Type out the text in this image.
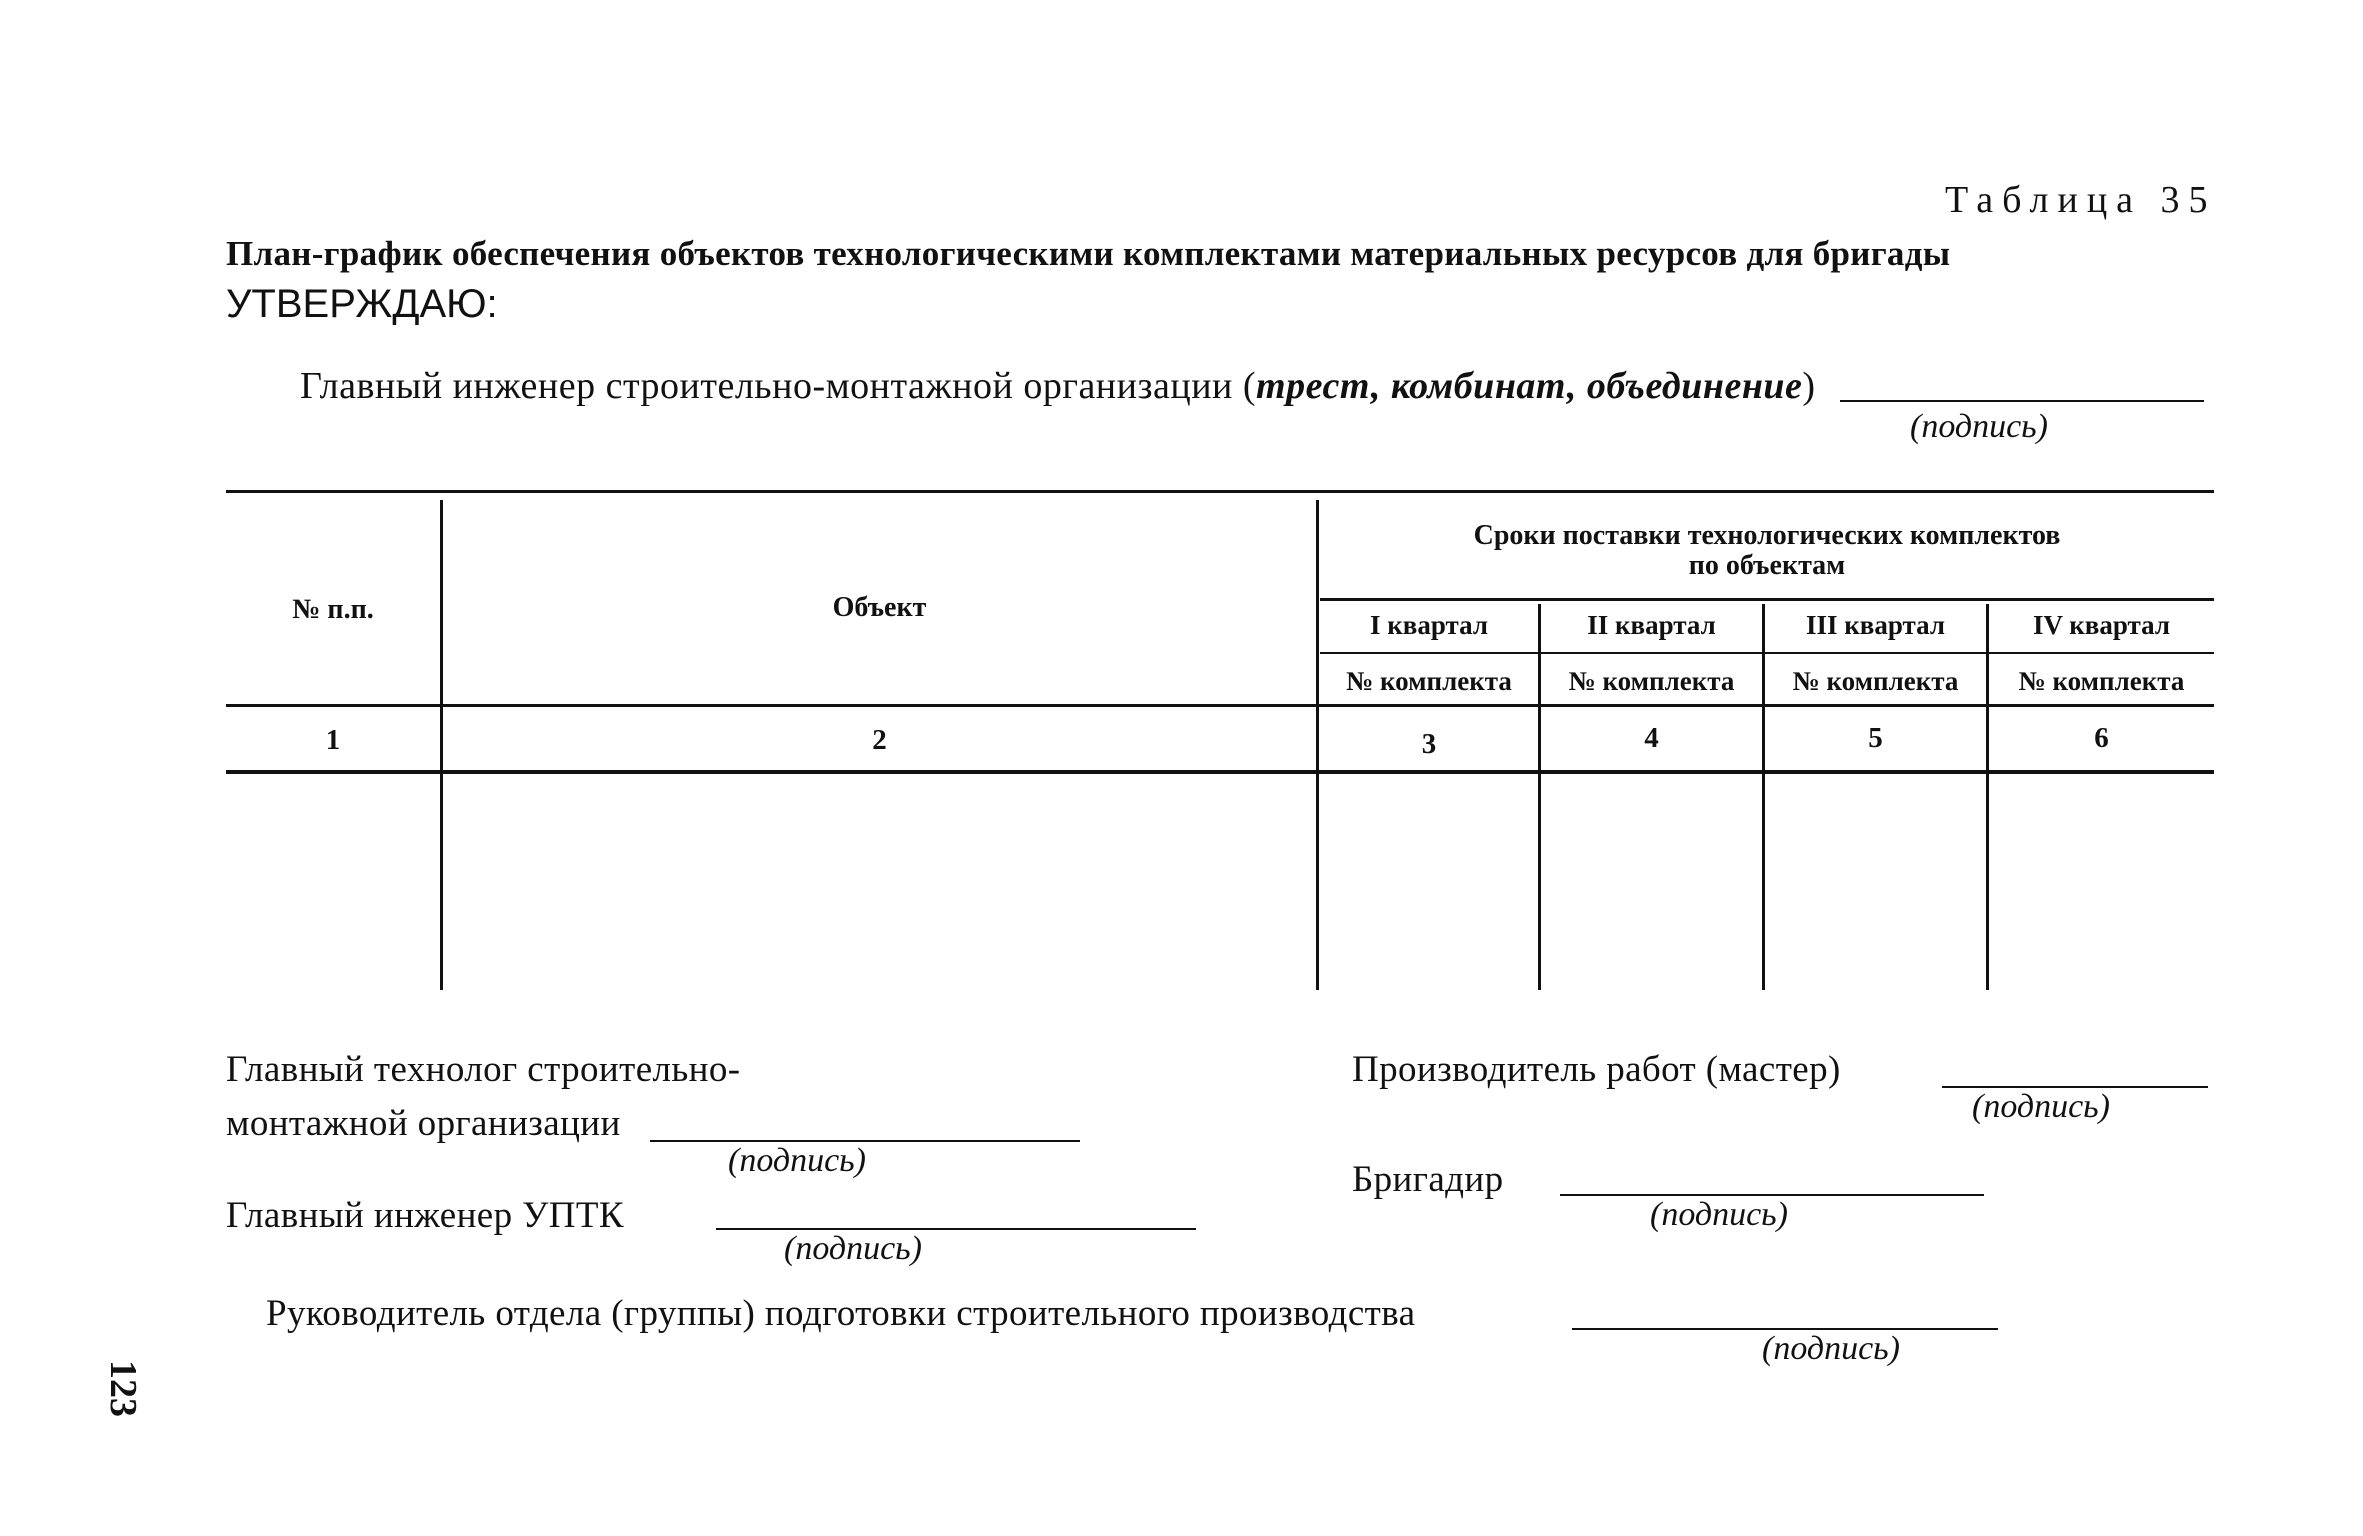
Таблица 35
План-график обеспечения объектов технологическими комплектами материальных ресурсов для бригады
УТВЕРЖДАЮ:
Главный инженер строительно-монтажной организации (трест, комбинат, объединение)
(подпись)
№ п.п.	Объект
Сроки поставки технологических комплектов
по объектам
I квартал	II квартал	III квартал	IV квартал
№ комплекта	№ комплекта	№ комплекта	№ комплекта
1	2	3	4	5	6
Главный технолог строительно-
монтажной организации
(подпись)
Главный инженер УПТК
(подпись)
Производитель работ (мастер)
(подпись)
Бригадир
(подпись)
Руководитель отдела (группы) подготовки строительного производства
(подпись)
123
